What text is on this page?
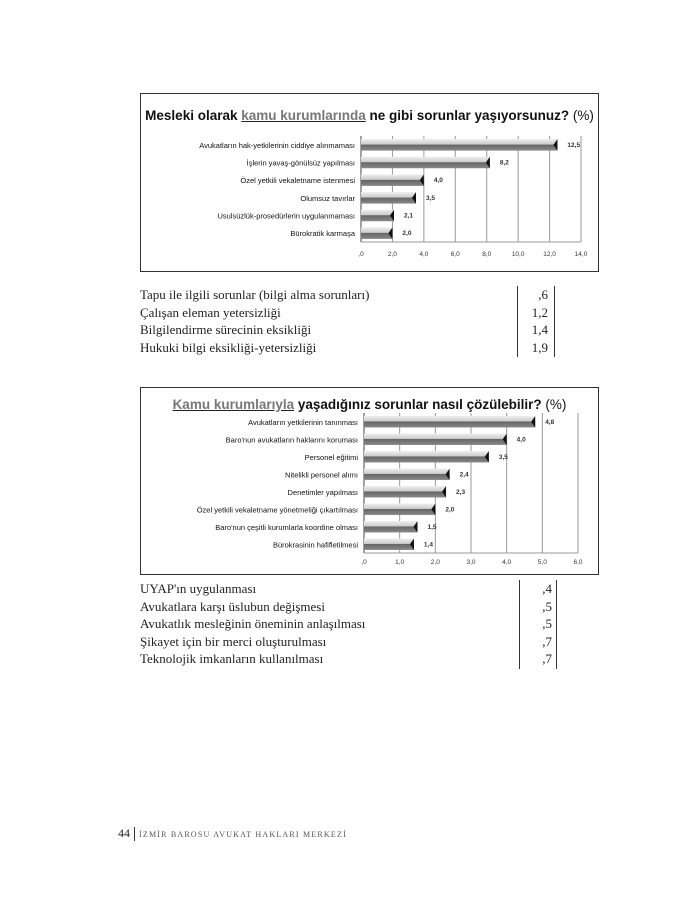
Mesleki olarak kamu kurumlarında ne gibi sorunlar yaşıyorsunuz? (%)
,0	2,0	4,0	6,0	8,0	10,0	12,0	14,0
12,5
Avukatların hak-yetkilerinin ciddiye alınmaması
8,2
İşlerin yavaş-gönülsüz yapılması
4,0
Özel yetkili vekaletname istenmesi
3,5
Olumsuz tavırlar
2,1
Usulsüzlük-prosedürlerin uygulanmaması
2,0
Bürokratik karmaşa
Tapu ile ilgili sorunlar (bilgi alma sorunları)	,6
Çalışan eleman yetersizliği	1,2
Bilgilendirme sürecinin eksikliği	1,4
Hukuki bilgi eksikliği-yetersizliği	1,9
Kamu kurumlarıyla yaşadığınız sorunlar nasıl çözülebilir? (%)
,0	1,0	2,0	3,0	4,0	5,0	6,0
4,8
Avukatların yetkilerinin tanınması
4,0
Baro'nun avukatların haklarını koruması
3,5
Personel eğitimi
2,4
Nitelikli personel alımı
2,3
Denetimler yapılması
2,0
Özel yetkili vekaletname yönetmeliği çıkartılması
1,5
Baro'nun çeşitli kurumlarla koordine olması
1,4
Bürokrasinin hafifletilmesi
UYAP'ın uygulanması	,4
Avukatlara karşı üslubun değişmesi	,5
Avukatlık mesleğinin öneminin anlaşılması	,5
Şikayet için bir merci oluşturulması	,7
Teknolojik imkanların kullanılması	,7
44 İZMİR BAROSU AVUKAT HAKLARI MERKEZİ
